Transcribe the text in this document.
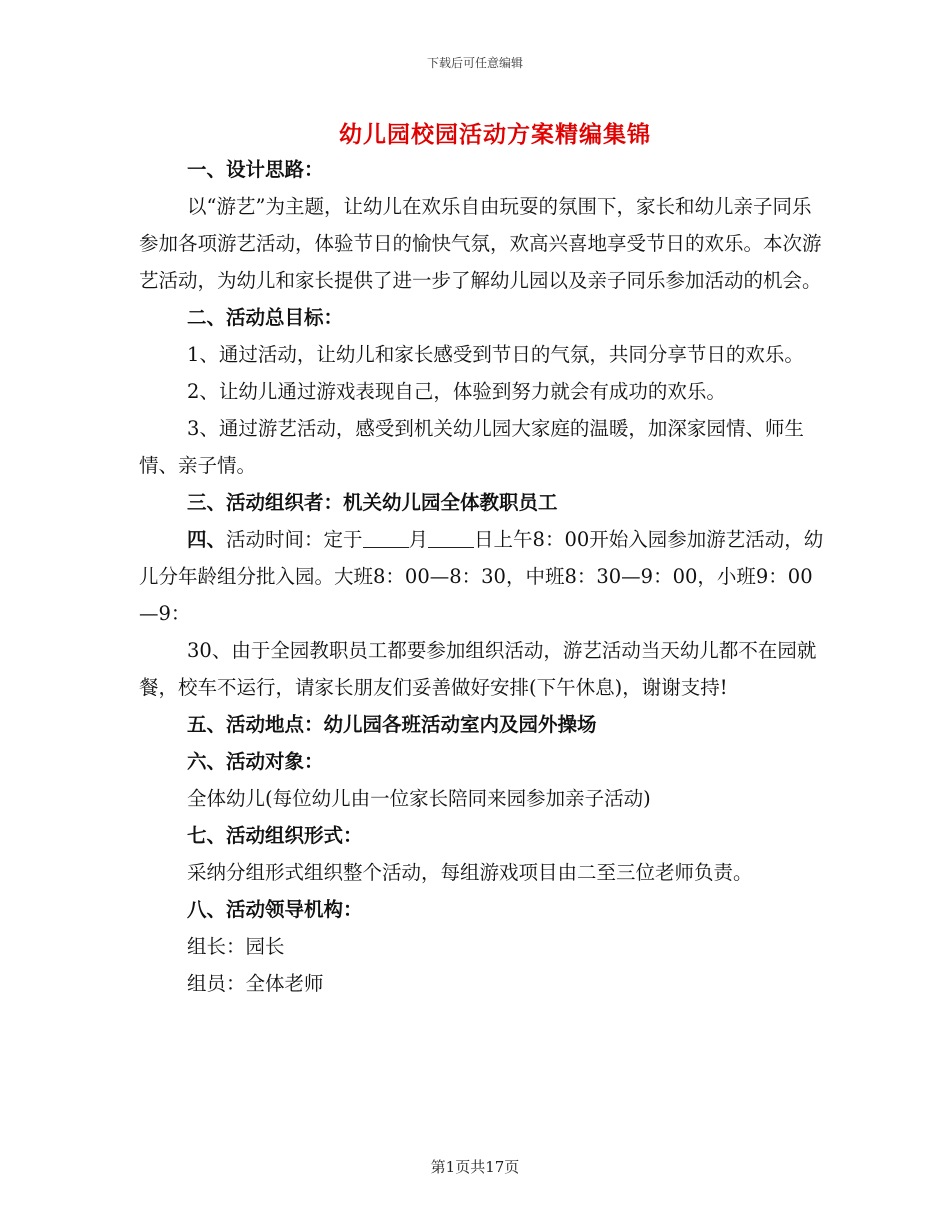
下载后可任意编辑
幼儿园校园活动方案精编集锦

一、设计思路：

以“游艺”为主题，让幼儿在欢乐自由玩耍的氛围下，家长和幼儿亲子同乐参加各项游艺活动，体验节日的愉快气氛，欢高兴喜地享受节日的欢乐。本次游艺活动，为幼儿和家长提供了进一步了解幼儿园以及亲子同乐参加活动的机会。

二、活动总目标：

1、通过活动，让幼儿和家长感受到节日的气氛，共同分享节日的欢乐。

2、让幼儿通过游戏表现自己，体验到努力就会有成功的欢乐。

3、通过游艺活动，感受到机关幼儿园大家庭的温暖，加深家园情、师生情、亲子情。

三、活动组织者：机关幼儿园全体教职员工

四、活动时间：定于 月 日上午8：00开始入园参加游艺活动，幼儿分年龄组分批入园。大班8：00—8：30，中班8：30—9：00，小班9：00—9：

30、由于全园教职员工都要参加组织活动，游艺活动当天幼儿都不在园就餐，校车不运行，请家长朋友们妥善做好安排(下午休息)，谢谢支持!

五、活动地点：幼儿园各班活动室内及园外操场

六、活动对象：

全体幼儿(每位幼儿由一位家长陪同来园参加亲子活动)

七、活动组织形式：

采纳分组形式组织整个活动，每组游戏项目由二至三位老师负责。

八、活动领导机构：

组长：园长

组员：全体老师

第1页共17页
